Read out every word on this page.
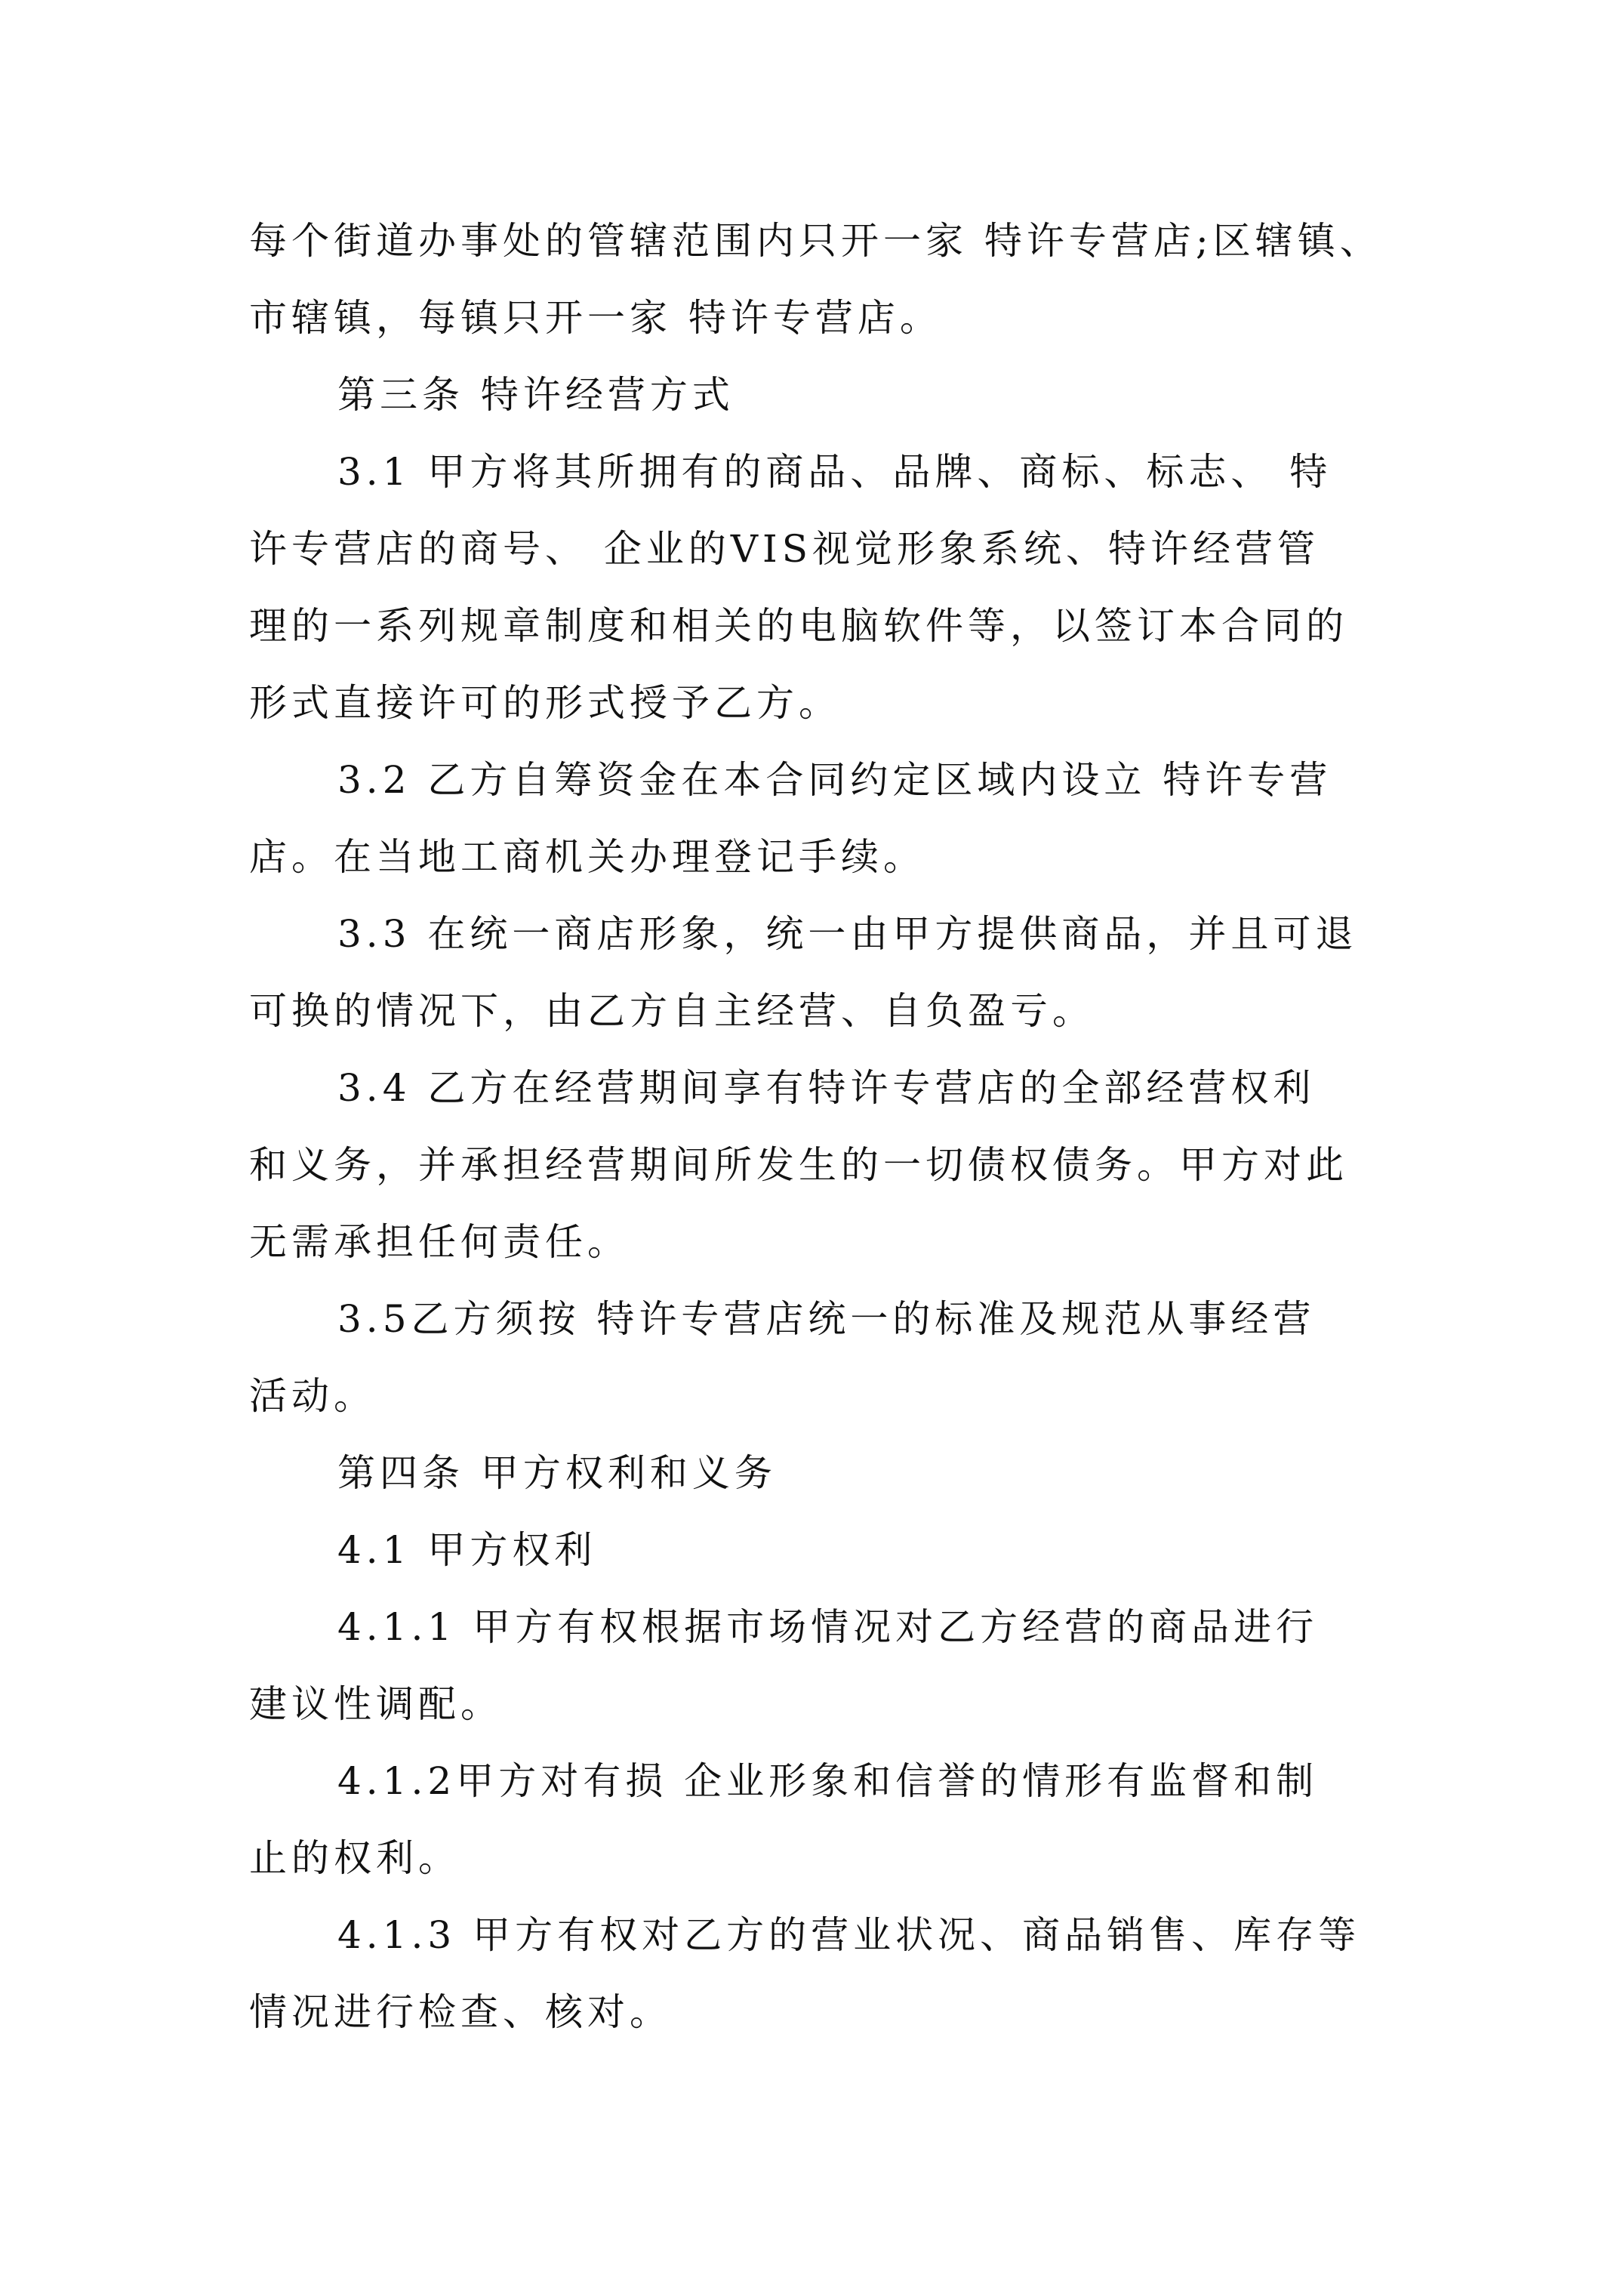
每个街道办事处的管辖范围内只开一家 特许专营店;区辖镇、

市辖镇，每镇只开一家 特许专营店。

第三条 特许经营方式

3.1 甲方将其所拥有的商品、品牌、商标、标志、 特

许专营店的商号、 企业的VIS视觉形象系统、特许经营管

理的一系列规章制度和相关的电脑软件等，以签订本合同的

形式直接许可的形式授予乙方。

3.2 乙方自筹资金在本合同约定区域内设立 特许专营

店。在当地工商机关办理登记手续。

3.3 在统一商店形象，统一由甲方提供商品，并且可退

可换的情况下，由乙方自主经营、自负盈亏。

3.4 乙方在经营期间享有特许专营店的全部经营权利

和义务，并承担经营期间所发生的一切债权债务。甲方对此

无需承担任何责任。

3.5乙方须按 特许专营店统一的标准及规范从事经营

活动。

第四条 甲方权利和义务

4.1 甲方权利

4.1.1 甲方有权根据市场情况对乙方经营的商品进行

建议性调配。

4.1.2甲方对有损 企业形象和信誉的情形有监督和制

止的权利。

4.1.3 甲方有权对乙方的营业状况、商品销售、库存等

情况进行检查、核对。
